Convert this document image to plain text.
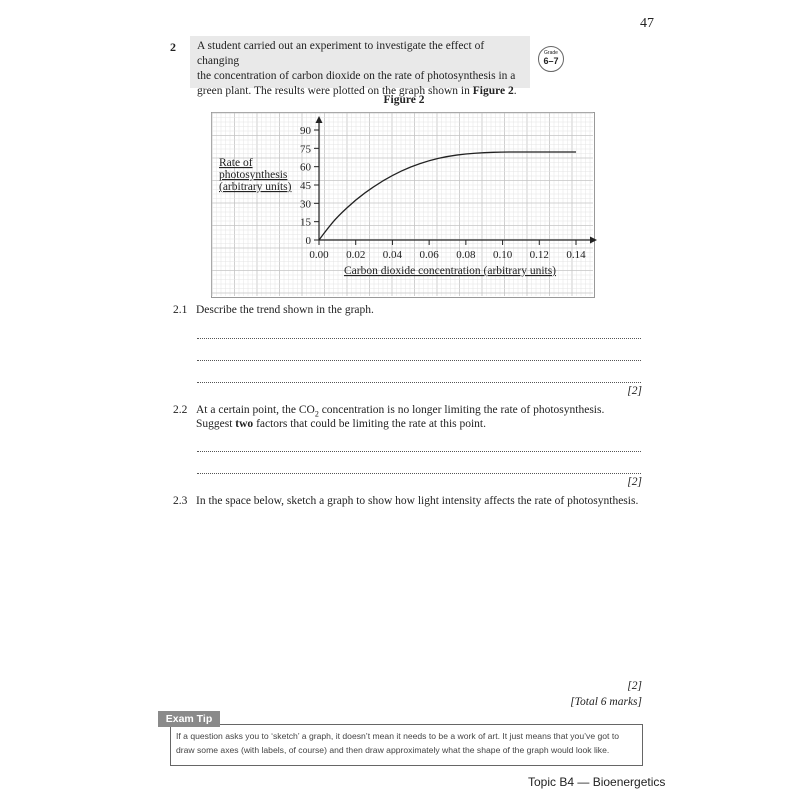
47
2 A student carried out an experiment to investigate the effect of changing
the concentration of carbon dioxide on the rate of photosynthesis in a
green plant. The results were plotted on the graph shown in Figure 2.
Grade
6–7
Figure 2
0
15
30
45
60
75
90
0.00 0.02 0.04 0.06 0.08 0.10 0.12 0.14
Rate of
photosynthesis
(arbitrary units)
Carbon dioxide concentration (arbitrary units)
2.1 Describe the trend shown in the graph.
[2]
2.2 At a certain point, the $CO_2$ concentration is no longer limiting the rate of photosynthesis.
Suggest two factors that could be limiting the rate at this point.
[2]
2.3 In the space below, sketch a graph to show how light intensity affects the rate of photosynthesis.
[2]
[Total 6 marks]
Exam Tip
If a question asks you to ‘sketch’ a graph, it doesn’t mean it needs to be a work of art. It just means that you’ve got to draw some axes (with labels, of course) and then draw approximately what the shape of the graph would look like.
Topic B4 — Bioenergetics
